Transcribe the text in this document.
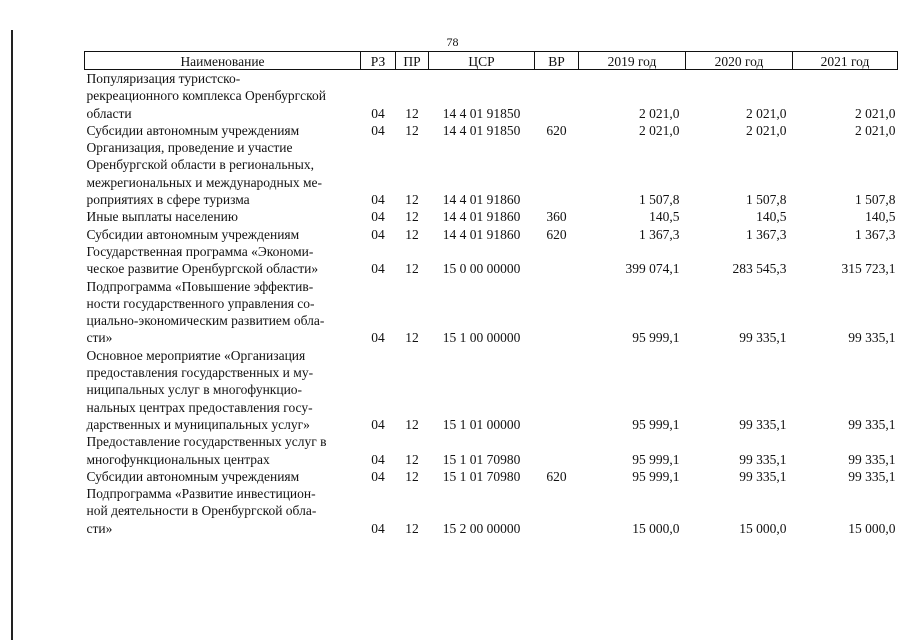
78
Наименование	РЗ	ПР	ЦСР	ВР	2019 год	2020 год	2021 год

Популяризация туристско-
рекреационного комплекса Оренбургской
области	04	12	14 4 01 91850		2 021,0	2 021,0	2 021,0

Субсидии автономным учреждениям	04	12	14 4 01 91850	620	2 021,0	2 021,0	2 021,0

Организация, проведение и участие
Оренбургской области в региональных,
межрегиональных и международных ме-
роприятиях в сфере туризма	04	12	14 4 01 91860		1 507,8	1 507,8	1 507,8

Иные выплаты населению	04	12	14 4 01 91860	360	140,5	140,5	140,5

Субсидии автономным учреждениям	04	12	14 4 01 91860	620	1 367,3	1 367,3	1 367,3

Государственная программа «Экономи-
ческое развитие Оренбургской области»	04	12	15 0 00 00000		399 074,1	283 545,3	315 723,1

Подпрограмма «Повышение эффектив-
ности государственного управления со-
циально-экономическим развитием обла-
сти»	04	12	15 1 00 00000		95 999,1	99 335,1	99 335,1

Основное мероприятие «Организация
предоставления государственных и му-
ниципальных услуг в многофункцио-
нальных центрах предоставления госу-
дарственных и муниципальных услуг»	04	12	15 1 01 00000		95 999,1	99 335,1	99 335,1

Предоставление государственных услуг в
многофункциональных центрах	04	12	15 1 01 70980		95 999,1	99 335,1	99 335,1

Субсидии автономным учреждениям	04	12	15 1 01 70980	620	95 999,1	99 335,1	99 335,1

Подпрограмма «Развитие инвестицион-
ной деятельности в Оренбургской обла-
сти»	04	12	15 2 00 00000		15 000,0	15 000,0	15 000,0
